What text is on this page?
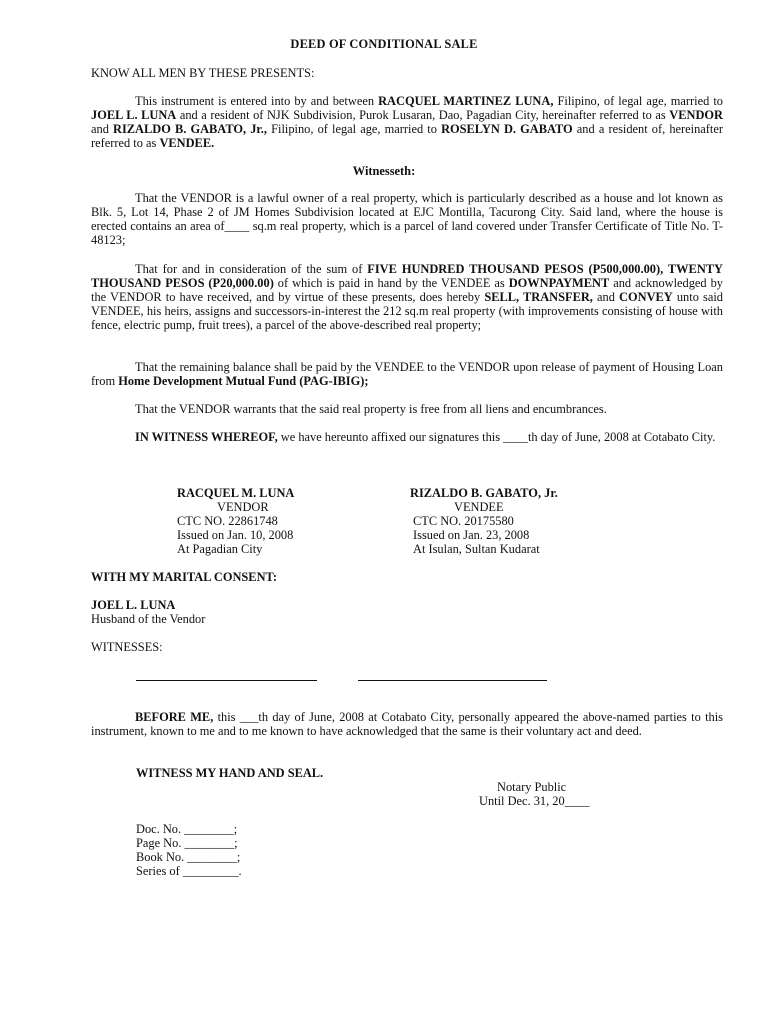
DEED OF CONDITIONAL SALE
KNOW ALL MEN BY THESE PRESENTS:

This instrument is entered into by and between RACQUEL MARTINEZ LUNA, Filipino, of legal age, married to JOEL L. LUNA and a resident of NJK Subdivision, Purok Lusaran, Dao, Pagadian City, hereinafter referred to as VENDOR and RIZALDO B. GABATO, Jr., Filipino, of legal age, married to ROSELYN D. GABATO and a resident of, hereinafter referred to as VENDEE.

Witnesseth:

That the VENDOR is a lawful owner of a real property, which is particularly described as a house and lot known as Blk. 5, Lot 14, Phase 2 of JM Homes Subdivision located at EJC Montilla, Tacurong City. Said land, where the house is erected contains an area of____ sq.m real property, which is a parcel of land covered under Transfer Certificate of Title No. T-48123;

That for and in consideration of the sum of FIVE HUNDRED THOUSAND PESOS (P500,000.00), TWENTY THOUSAND PESOS (P20,000.00) of which is paid in hand by the VENDEE as DOWNPAYMENT and acknowledged by the VENDOR to have received, and by virtue of these presents, does hereby SELL, TRANSFER, and CONVEY unto said VENDEE, his heirs, assigns and successors-in-interest the 212 sq.m real property (with improvements consisting of house with fence, electric pump, fruit trees), a parcel of the above-described real property;

That the remaining balance shall be paid by the VENDEE to the VENDOR upon release of payment of Housing Loan from Home Development Mutual Fund (PAG-IBIG);

That the VENDOR warrants that the said real property is free from all liens and encumbrances.

IN WITNESS WHEREOF, we have hereunto affixed our signatures this ____th day of June, 2008 at Cotabato City.

RACQUEL M. LUNA
VENDOR
CTC NO. 22861748
Issued on Jan. 10, 2008
At Pagadian City
RIZALDO B. GABATO, Jr.
VENDEE
CTC NO. 20175580
Issued on Jan. 23, 2008
At Isulan, Sultan Kudarat
WITH MY MARITAL CONSENT:
JOEL L. LUNA
Husband of the Vendor
WITNESSES:

BEFORE ME, this ___th day of June, 2008 at Cotabato City, personally appeared the above-named parties to this instrument, known to me and to me known to have acknowledged that the same is their voluntary act and deed.

WITNESS MY HAND AND SEAL.
Notary Public
Until Dec. 31, 20____
Doc. No. ________;
Page No. ________;
Book No. ________;
Series of _________.
